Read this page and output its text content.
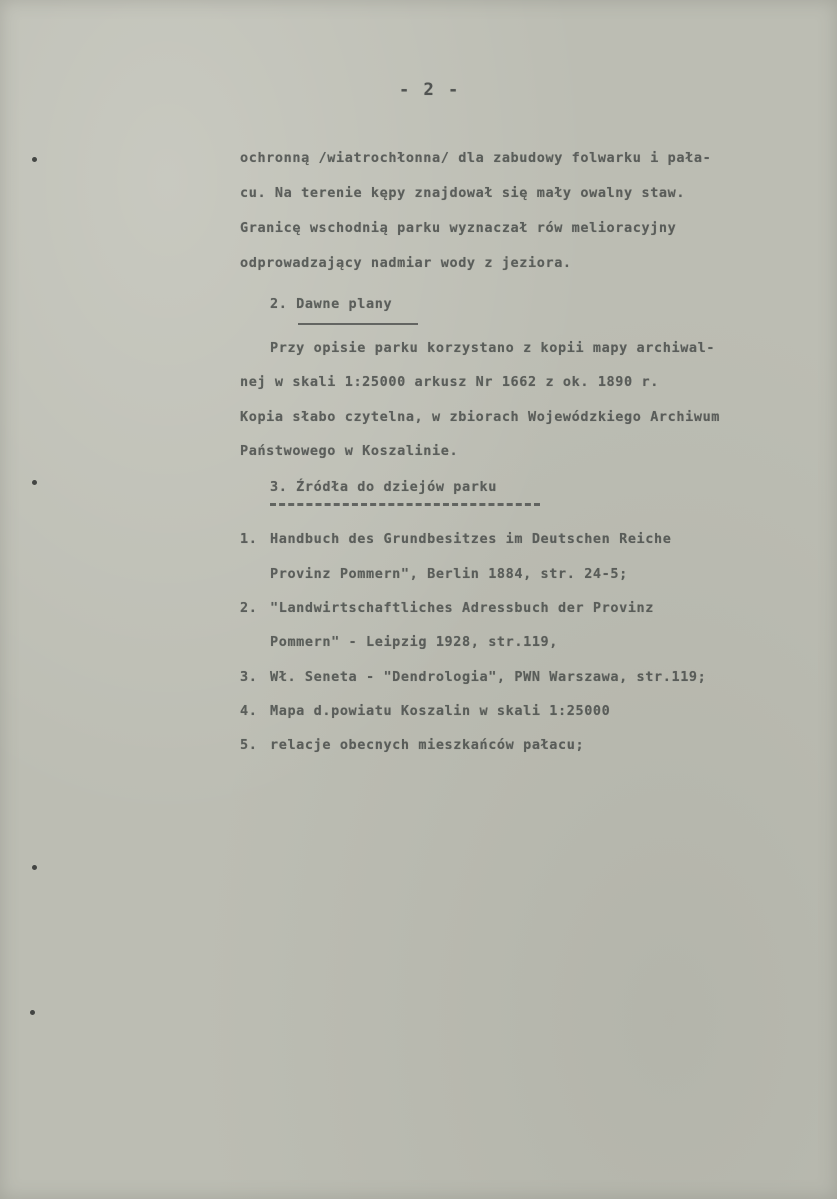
- 2 -
ochronną /wiatrochłonna/ dla zabudowy folwarku i pała-
cu. Na terenie kępy znajdował się mały owalny staw.
Granicę wschodnią parku wyznaczał rów melioracyjny
odprowadzający nadmiar wody z jeziora.
2. Dawne plany
Przy opisie parku korzystano z kopii mapy archiwal-
nej w skali 1:25000 arkusz Nr 1662 z ok. 1890 r.
Kopia słabo czytelna, w zbiorach Wojewódzkiego Archiwum
Państwowego w Koszalinie.
3. Źródła do dziejów parku
1. Handbuch des Grundbesitzes im Deutschen Reiche
Provinz Pommern", Berlin 1884, str. 24-5;
2. "Landwirtschaftliches Adressbuch der Provinz
Pommern" - Leipzig 1928, str.119,
3. Wł. Seneta - "Dendrologia", PWN Warszawa, str.119;
4. Mapa d.powiatu Koszalin w skali 1:25000
5. relacje obecnych mieszkańców pałacu;
